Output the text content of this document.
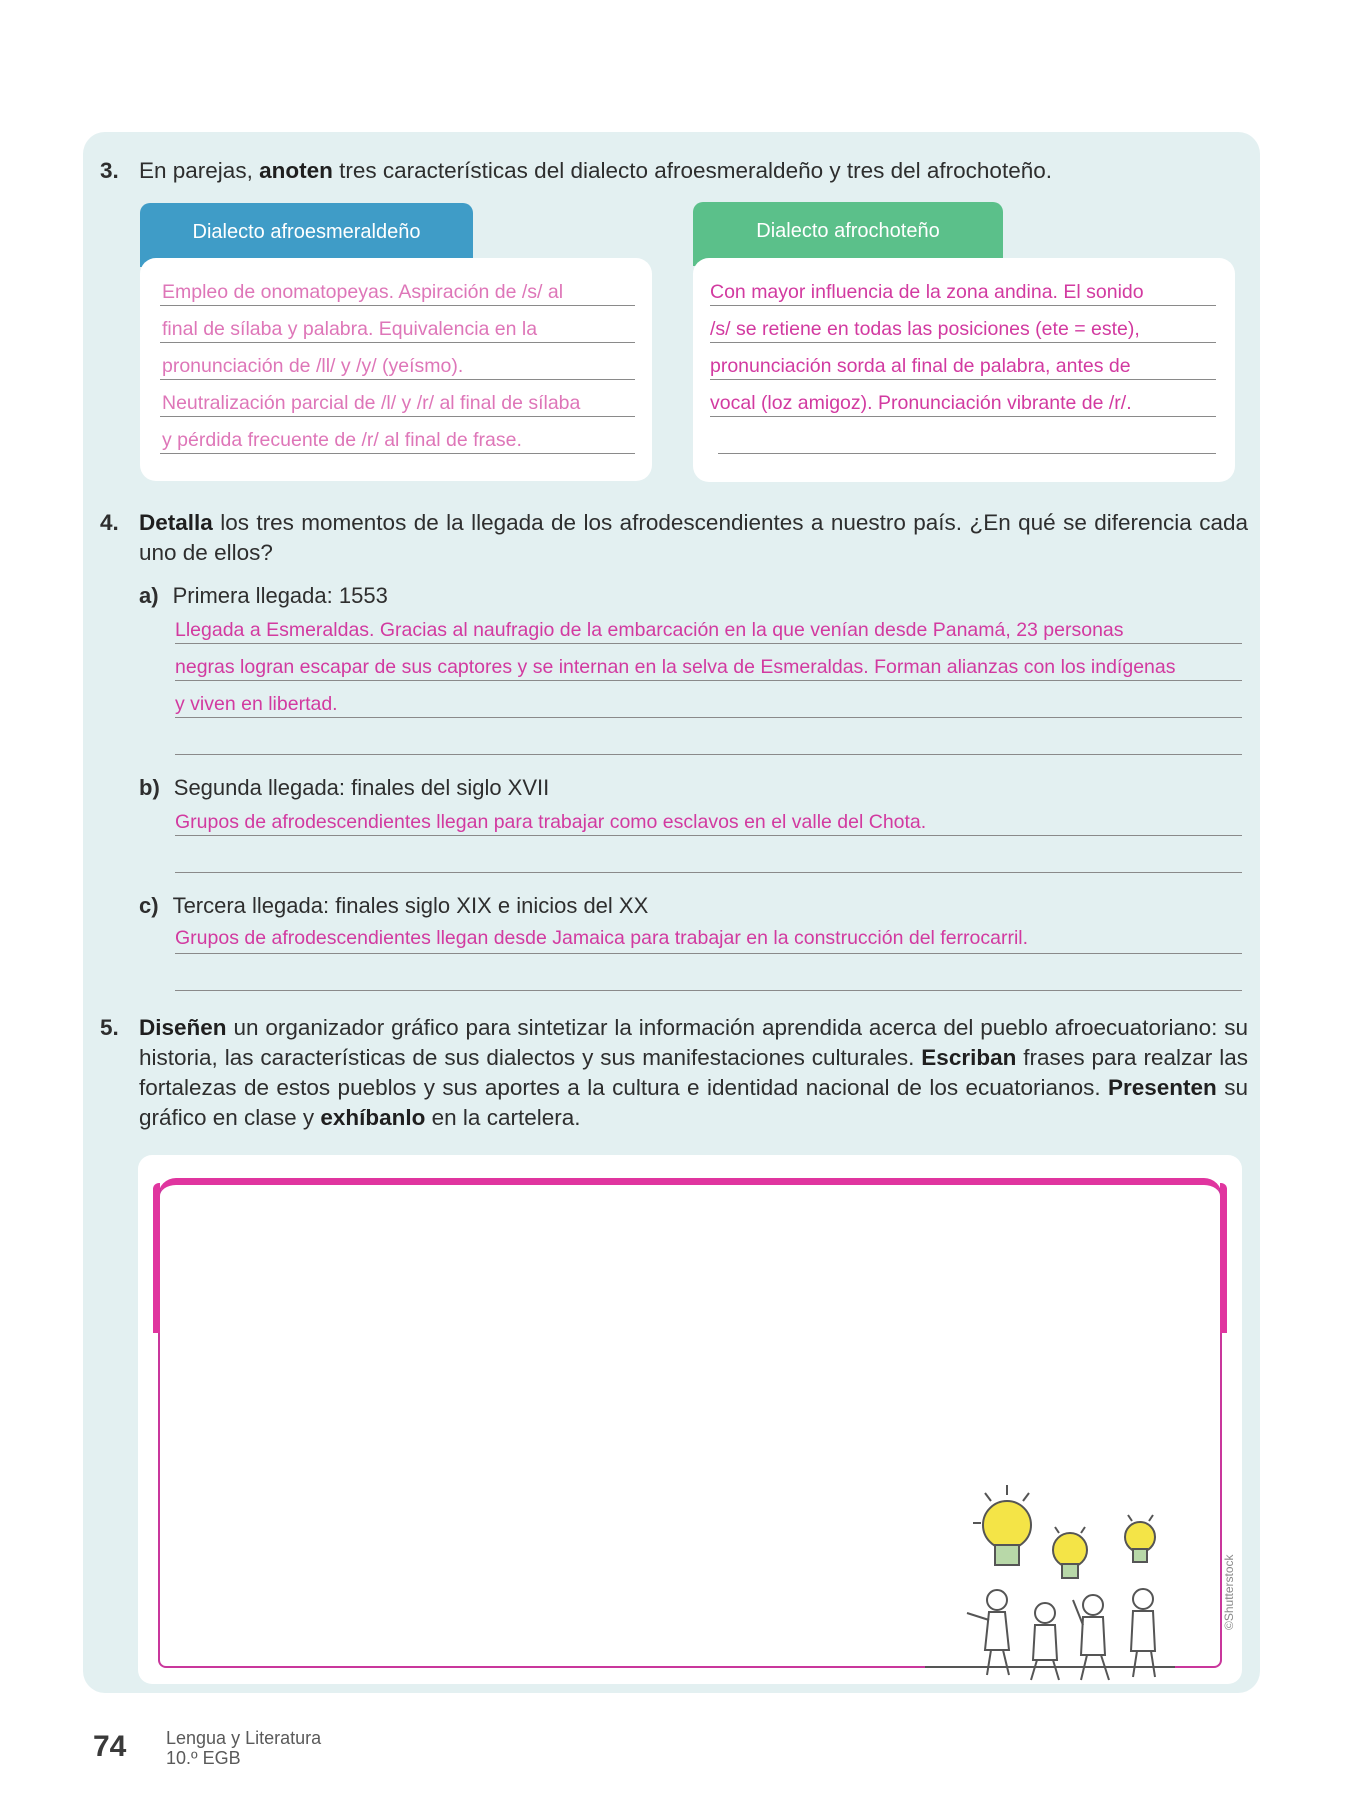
3. En parejas, anoten tres características del dialecto afroesmeraldeño y tres del afrochoteño.
Dialecto afroesmeraldeño
Empleo de onomatopeyas. Aspiración de /s/ al
final de sílaba y palabra. Equivalencia en la
pronunciación de /ll/ y /y/ (yeísmo).
Neutralización parcial de /l/ y /r/ al final de sílaba
y pérdida frecuente de /r/ al final de frase.
Dialecto afrochoteño
Con mayor influencia de la zona andina. El sonido
/s/ se retiene en todas las posiciones (ete = este),
pronunciación sorda al final de palabra, antes de
vocal (loz amigoz). Pronunciación vibrante de /r/.
4. Detalla los tres momentos de la llegada de los afrodescendientes a nuestro país. ¿En qué se diferencia cada uno de ellos?
a) Primera llegada: 1553
Llegada a Esmeraldas. Gracias al naufragio de la embarcación en la que venían desde Panamá, 23 personas
negras logran escapar de sus captores y se internan en la selva de Esmeraldas. Forman alianzas con los indígenas
y viven en libertad.
b) Segunda llegada: finales del siglo XVII
Grupos de afrodescendientes llegan para trabajar como esclavos en el valle del Chota.
c) Tercera llegada: finales siglo XIX e inicios del XX
Grupos de afrodescendientes llegan desde Jamaica para trabajar en la construcción del ferrocarril.
5. Diseñen un organizador gráfico para sintetizar la información aprendida acerca del pueblo afroecuatoriano: su historia, las características de sus dialectos y sus manifestaciones culturales. Escriban frases para realzar las fortalezas de estos pueblos y sus aportes a la cultura e identidad nacional de los ecuatorianos. Presenten su gráfico en clase y exhíbanlo en la cartelera.
©Shutterstock
74 Lengua y Literatura
10.º EGB
